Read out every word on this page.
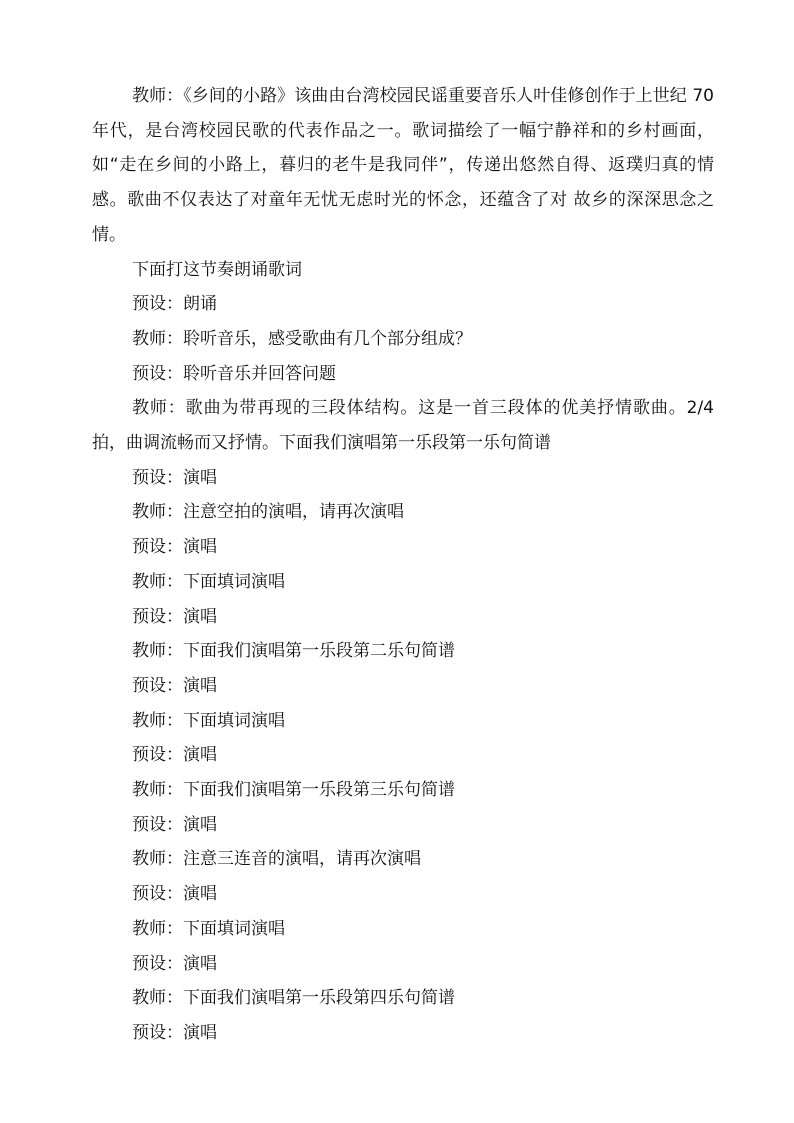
教师：《乡间的小路》该曲由台湾校园民谣重要音乐人叶佳修创作于上世纪 70 年代，是台湾校园民歌的代表作品之一。歌词描绘了一幅宁静祥和的乡村画面，如“走在乡间的小路上，暮归的老牛是我同伴”，传递出悠然自得、返璞归真的情感。歌曲不仅表达了对童年无忧无虑时光的怀念，还蕴含了对 故乡的深深思念之情。

下面打这节奏朗诵歌词

预设：朗诵

教师：聆听音乐，感受歌曲有几个部分组成？

预设：聆听音乐并回答问题

教师：歌曲为带再现的三段体结构。这是一首三段体的优美抒情歌曲。2/4 拍，曲调流畅而又抒情。下面我们演唱第一乐段第一乐句简谱

预设：演唱

教师：注意空拍的演唱，请再次演唱

预设：演唱

教师：下面填词演唱

预设：演唱

教师：下面我们演唱第一乐段第二乐句简谱

预设：演唱

教师：下面填词演唱

预设：演唱

教师：下面我们演唱第一乐段第三乐句简谱

预设：演唱

教师：注意三连音的演唱，请再次演唱

预设：演唱

教师：下面填词演唱

预设：演唱

教师：下面我们演唱第一乐段第四乐句简谱

预设：演唱
